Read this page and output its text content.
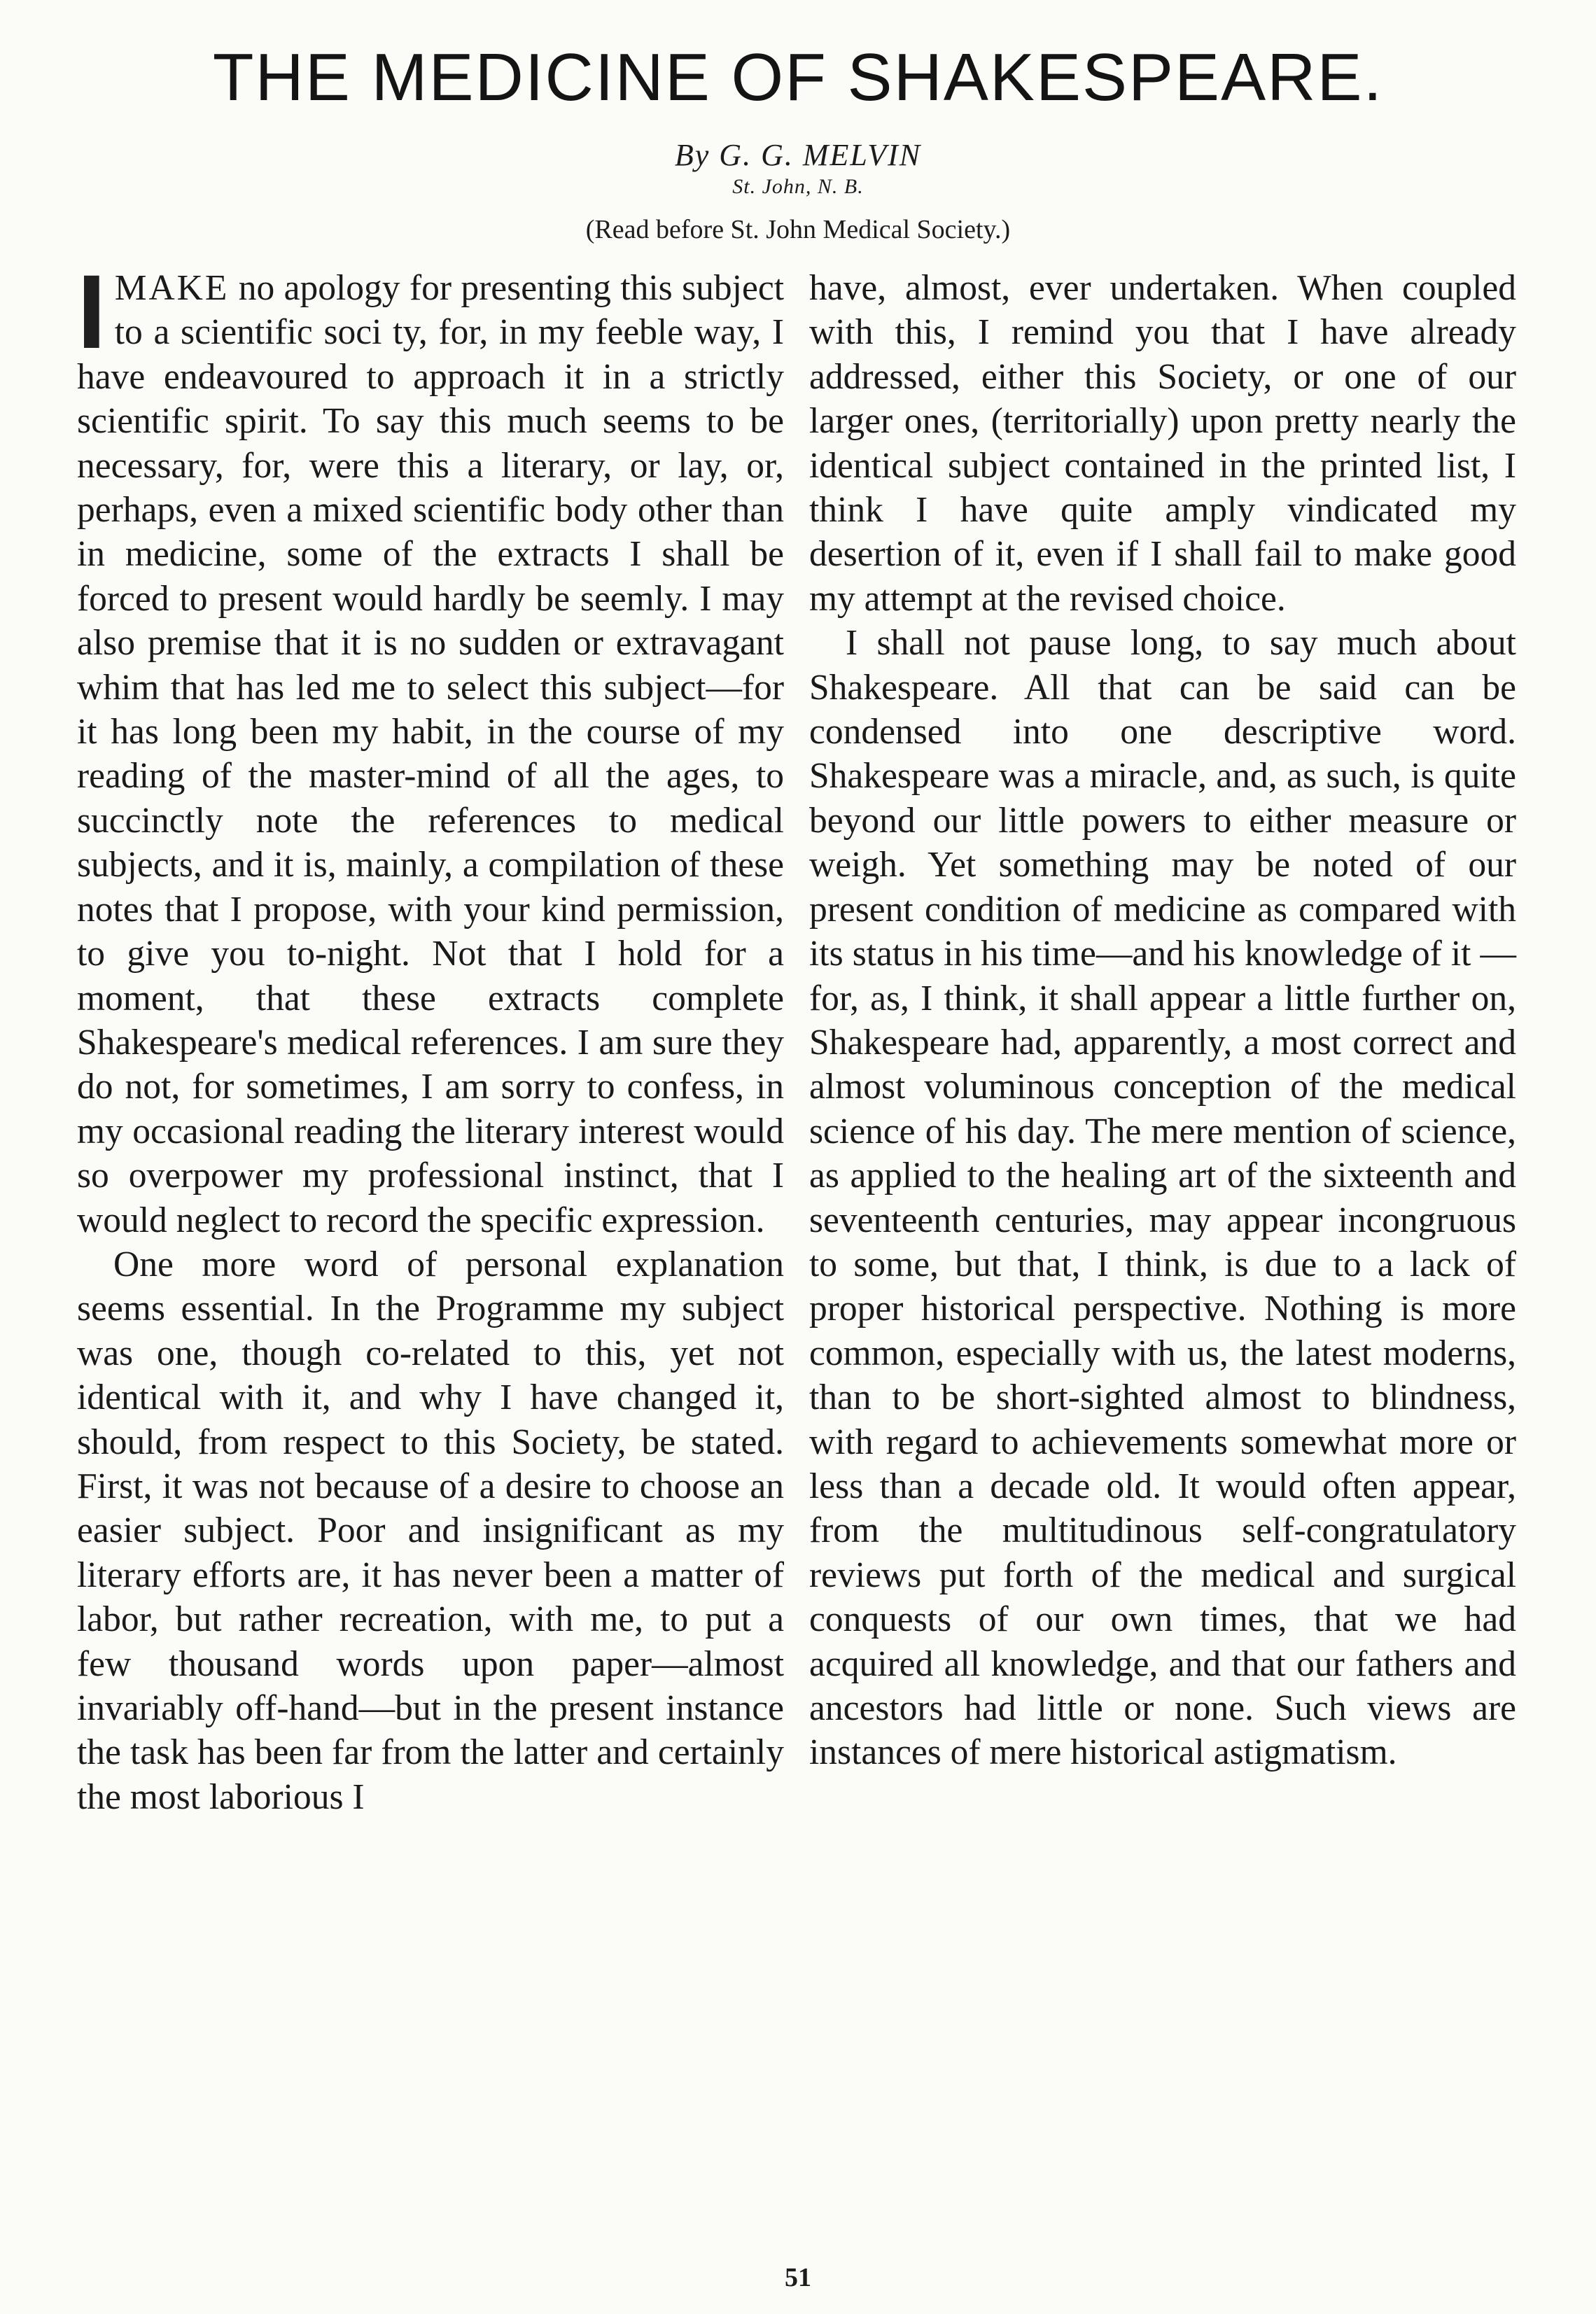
THE MEDICINE OF SHAKESPEARE.
By G. G. MELVIN
St. John, N. B.
(Read before St. John Medical Society.)

IMAKE no apology for presenting this subject to a scientific soci ty, for, in my feeble way, I have endeavoured to approach it in a strictly scientific spirit. To say this much seems to be necessary, for, were this a literary, or lay, or, perhaps, even a mixed scientific body other than in medicine, some of the extracts I shall be forced to present would hardly be seemly. I may also premise that it is no sudden or extravagant whim that has led me to select this subject—for it has long been my habit, in the course of my reading of the master-mind of all the ages, to succinctly note the references to medical subjects, and it is, mainly, a compilation of these notes that I propose, with your kind permission, to give you to-night. Not that I hold for a moment, that these extracts complete Shakespeare's medical references. I am sure they do not, for sometimes, I am sorry to confess, in my occasional reading the literary interest would so overpower my professional instinct, that I would neglect to record the specific expression.

One more word of personal explanation seems essential. In the Programme my subject was one, though co-related to this, yet not identical with it, and why I have changed it, should, from respect to this Society, be stated. First, it was not because of a desire to choose an easier subject. Poor and insignificant as my literary efforts are, it has never been a matter of labor, but rather recreation, with me, to put a few thousand words upon paper—almost invariably off-hand—but in the present instance the task has been far from the latter and certainly the most laborious I

have, almost, ever undertaken. When coupled with this, I remind you that I have already addressed, either this Society, or one of our larger ones, (territorially) upon pretty nearly the identical subject contained in the printed list, I think I have quite amply vindicated my desertion of it, even if I shall fail to make good my attempt at the revised choice.

I shall not pause long, to say much about Shakespeare. All that can be said can be condensed into one descriptive word. Shakespeare was a miracle, and, as such, is quite beyond our little powers to either measure or weigh. Yet something may be noted of our present condition of medicine as compared with its status in his time—and his knowledge of it —for, as, I think, it shall appear a little further on, Shakespeare had, apparently, a most correct and almost voluminous conception of the medical science of his day. The mere mention of science, as applied to the healing art of the sixteenth and seventeenth centuries, may appear incongruous to some, but that, I think, is due to a lack of proper historical perspective. Nothing is more common, especially with us, the latest moderns, than to be short-sighted almost to blindness, with regard to achievements somewhat more or less than a decade old. It would often appear, from the multitudinous self-congratulatory reviews put forth of the medical and surgical conquests of our own times, that we had acquired all knowledge, and that our fathers and ancestors had little or none. Such views are instances of mere historical astigmatism.

51
